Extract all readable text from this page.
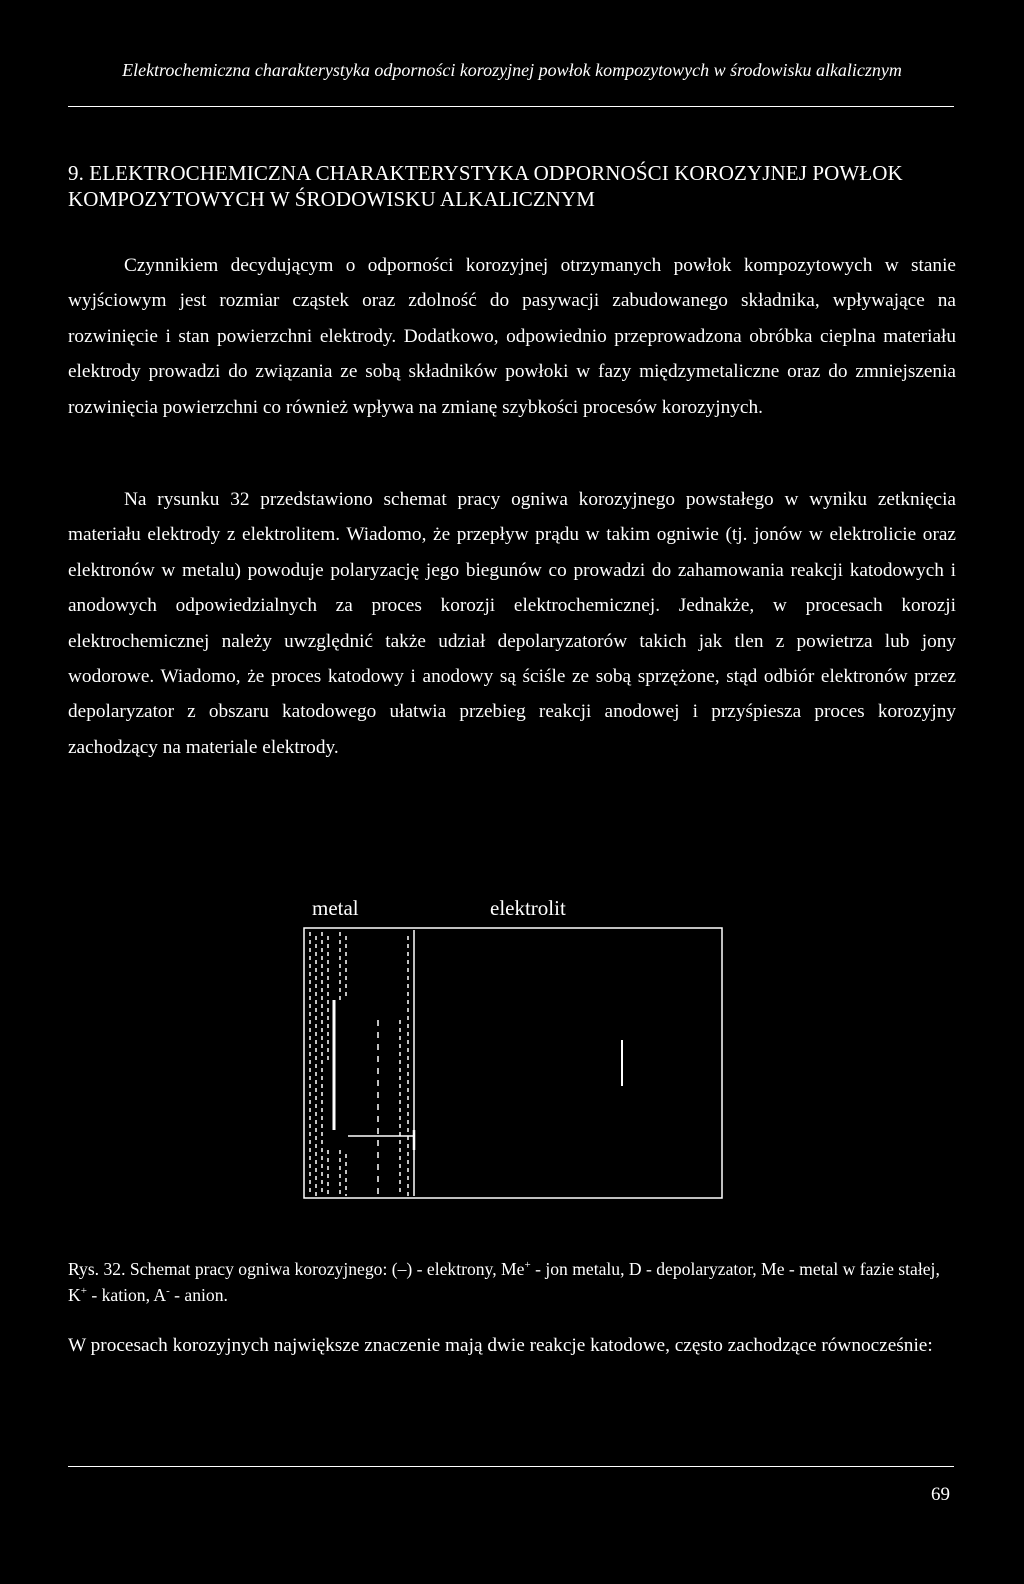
Elektrochemiczna charakterystyka odporności korozyjnej powłok kompozytowych w środowisku alkalicznym
9. ELEKTROCHEMICZNA CHARAKTERYSTYKA ODPORNOŚCI KOROZYJNEJ POWŁOK KOMPOZYTOWYCH W ŚRODOWISKU ALKALICZNYM
Czynnikiem decydującym o odporności korozyjnej otrzymanych powłok kompozytowych w stanie wyjściowym jest rozmiar cząstek oraz zdolność do pasywacji zabudowanego składnika, wpływające na rozwinięcie i stan powierzchni elektrody. Dodatkowo, odpowiednio przeprowadzona obróbka cieplna materiału elektrody prowadzi do związania ze sobą składników powłoki w fazy międzymetaliczne oraz do zmniejszenia rozwinięcia powierzchni co również wpływa na zmianę szybkości procesów korozyjnych.
Na rysunku 32 przedstawiono schemat pracy ogniwa korozyjnego powstałego w wyniku zetknięcia materiału elektrody z elektrolitem. Wiadomo, że przepływ prądu w takim ogniwie (tj. jonów w elektrolicie oraz elektronów w metalu) powoduje polaryzację jego biegunów co prowadzi do zahamowania reakcji katodowych i anodowych odpowiedzialnych za proces korozji elektrochemicznej. Jednakże, w procesach korozji elektrochemicznej należy uwzględnić także udział depolaryzatorów takich jak tlen z powietrza lub jony wodorowe. Wiadomo, że proces katodowy i anodowy są ściśle ze sobą sprzężone, stąd odbiór elektronów przez depolaryzator z obszaru katodowego ułatwia przebieg reakcji anodowej i przyśpiesza proces korozyjny zachodzący na materiale elektrody.
metal	elektrolit
Rys. 32. Schemat pracy ogniwa korozyjnego: (–) - elektrony, Me+ - jon metalu, D - depolaryzator, Me - metal w fazie stałej, K+ - kation, A- - anion.
W procesach korozyjnych największe znaczenie mają dwie reakcje katodowe, często zachodzące równocześnie:
69
